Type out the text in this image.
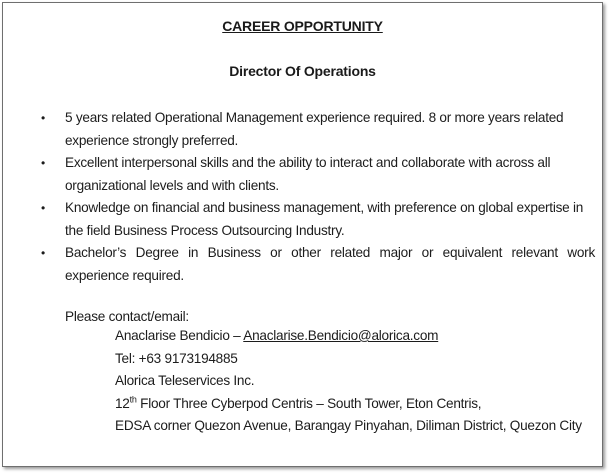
CAREER OPPORTUNITY
Director Of Operations
• 5 years related Operational Management experience required. 8 or more years related experience strongly preferred.
• Excellent interpersonal skills and the ability to interact and collaborate with across all organizational levels and with clients.
• Knowledge on financial and business management, with preference on global expertise in the field Business Process Outsourcing Industry.
• Bachelor’s Degree in Business or other related major or equivalent relevant work experience required.
Please contact/email:
Anaclarise Bendicio – Anaclarise.Bendicio@alorica.com
Tel: +63 9173194885
Alorica Teleservices Inc.
12th Floor Three Cyberpod Centris – South Tower, Eton Centris,
EDSA corner Quezon Avenue, Barangay Pinyahan, Diliman District, Quezon City
